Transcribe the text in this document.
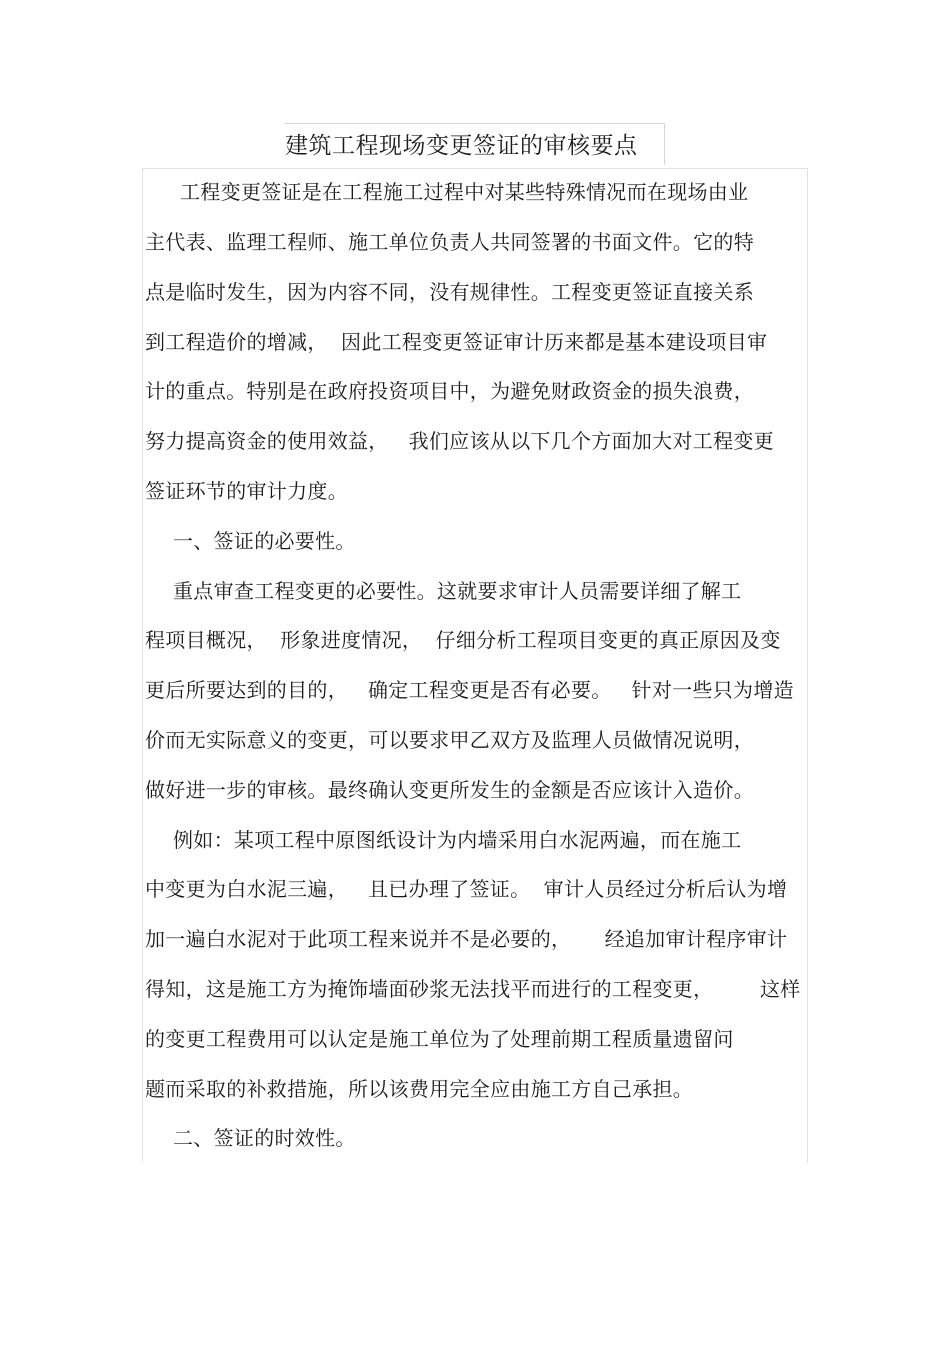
建筑工程现场变更签证的审核要点

工程变更签证是在工程施工过程中对某些特殊情况而在现场由业

主代表、监理工程师、施工单位负责人共同签署的书面文件。它的特

点是临时发生，因为内容不同，没有规律性。工程变更签证直接关系

到工程造价的增减，  因此工程变更签证审计历来都是基本建设项目审

计的重点。特别是在政府投资项目中，为避免财政资金的损失浪费，

努力提高资金的使用效益，   我们应该从以下几个方面加大对工程变更

签证环节的审计力度。

一、签证的必要性。

重点审查工程变更的必要性。这就要求审计人员需要详细了解工

程项目概况，  形象进度情况，  仔细分析工程项目变更的真正原因及变

更后所要达到的目的，   确定工程变更是否有必要。   针对一些只为增造

价而无实际意义的变更，可以要求甲乙双方及监理人员做情况说明，

做好进一步的审核。最终确认变更所发生的金额是否应该计入造价。

例如：某项工程中原图纸设计为内墙采用白水泥两遍，而在施工

中变更为白水泥三遍，   且已办理了签证。  审计人员经过分析后认为增

加一遍白水泥对于此项工程来说并不是必要的，     经追加审计程序审计

得知，这是施工方为掩饰墙面砂浆无法找平而进行的工程变更，       这样

的变更工程费用可以认定是施工单位为了处理前期工程质量遗留问

题而采取的补救措施，所以该费用完全应由施工方自己承担。

二、签证的时效性。
